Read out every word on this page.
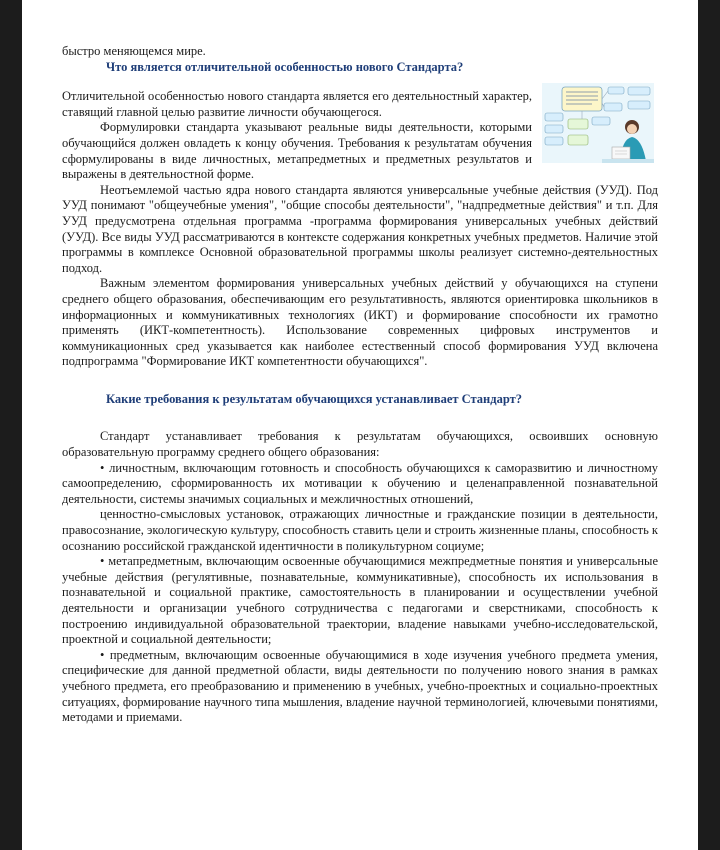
быстро меняющемся мире.

Что является отличительной особенностью нового Стандарта?

Отличительной особенностью нового стандарта является его деятельностный характер, ставящий главной целью развитие личности обучающегося.

Формулировки стандарта указывают реальные виды деятельности, которыми обучающийся должен овладеть к концу обучения. Требования к результатам обучения сформулированы в виде личностных, метапредметных и предметных результатов и выражены в деятельностной форме.

Неотъемлемой частью ядра нового стандарта являются универсальные учебные действия (УУД). Под УУД понимают "общеучебные умения", "общие способы деятельности", "надпредметные действия" и т.п. Для УУД предусмотрена отдельная программа -программа формирования универсальных учебных действий (УУД). Все виды УУД рассматриваются в контексте содержания конкретных учебных предметов. Наличие этой программы в комплексе Основной образовательной программы школы реализует системно-деятельностных подход.

Важным элементом формирования универсальных учебных действий у обучающихся на ступени среднего общего образования, обеспечивающим его результативность, являются ориентировка школьников в информационных и коммуникативных технологиях (ИКТ) и формирование способности их грамотно применять (ИКТ-компетентность). Использование современных цифровых инструментов и коммуникационных сред указывается как наиболее естественный способ формирования УУД включена подпрограмма "Формирование ИКТ компетентности обучающихся".

Какие требования к результатам обучающихся устанавливает Стандарт?

Стандарт устанавливает требования к результатам обучающихся, освоивших основную образовательную программу среднего общего образования:

• личностным, включающим готовность и способность обучающихся к саморазвитию и личностному самоопределению, сформированность их мотивации к обучению и целенаправленной познавательной деятельности, системы значимых социальных и межличностных отношений,

ценностно-смысловых установок, отражающих личностные и гражданские позиции в деятельности, правосознание, экологическую культуру, способность ставить цели и строить жизненные планы, способность к осознанию российской гражданской идентичности в поликультурном социуме;

• метапредметным, включающим освоенные обучающимися межпредметные понятия и универсальные учебные действия (регулятивные, познавательные, коммуникативные), способность их использования в познавательной и социальной практике, самостоятельность в планировании и осуществлении учебной деятельности и организации учебного сотрудничества с педагогами и сверстниками, способность к построению индивидуальной образовательной траектории, владение навыками учебно-исследовательской, проектной и социальной деятельности;

• предметным, включающим освоенные обучающимися в ходе изучения учебного предмета умения, специфические для данной предметной области, виды деятельности по получению нового знания в рамках учебного предмета, его преобразованию и применению в учебных, учебно-проектных и социально-проектных ситуациях, формирование научного типа мышления, владение научной терминологией, ключевыми понятиями, методами и приемами.
